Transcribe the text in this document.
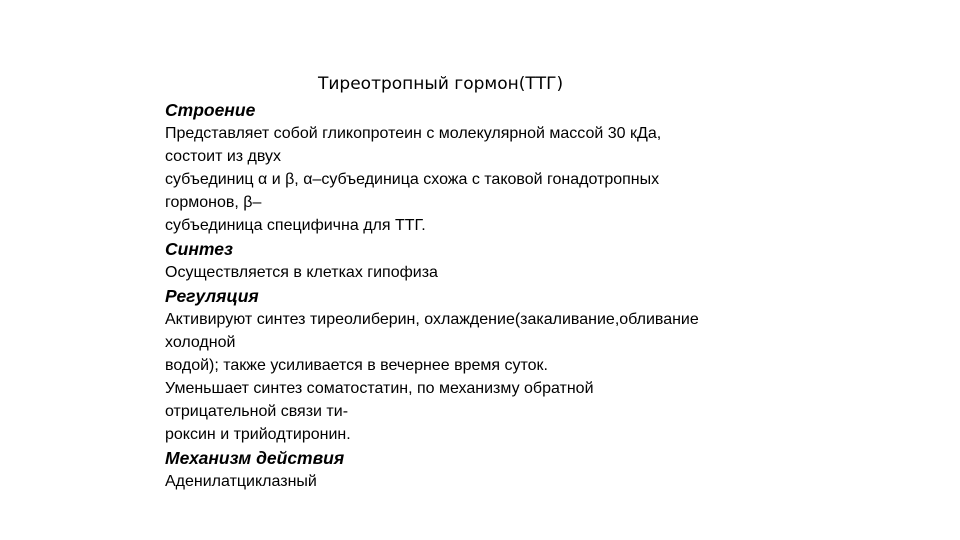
Тиреотропный гормон(ТТГ)
Строение
Представляет собой гликопротеин с молекулярной массой 30 кДа,
состоит из двух
субъединиц α и β, α–субъединица схожа с таковой гонадотропных
гормонов, β–
субъединица специфична для ТТГ.
Синтез
Осуществляется в клетках гипофиза
Регуляция
Активируют синтез тиреолиберин, охлаждение(закаливание,обливание
холодной
водой); также усиливается в вечернее время суток.
Уменьшает синтез соматостатин, по механизму обратной
отрицательной связи ти-
роксин и трийодтиронин.
Механизм действия
Аденилатциклазный
